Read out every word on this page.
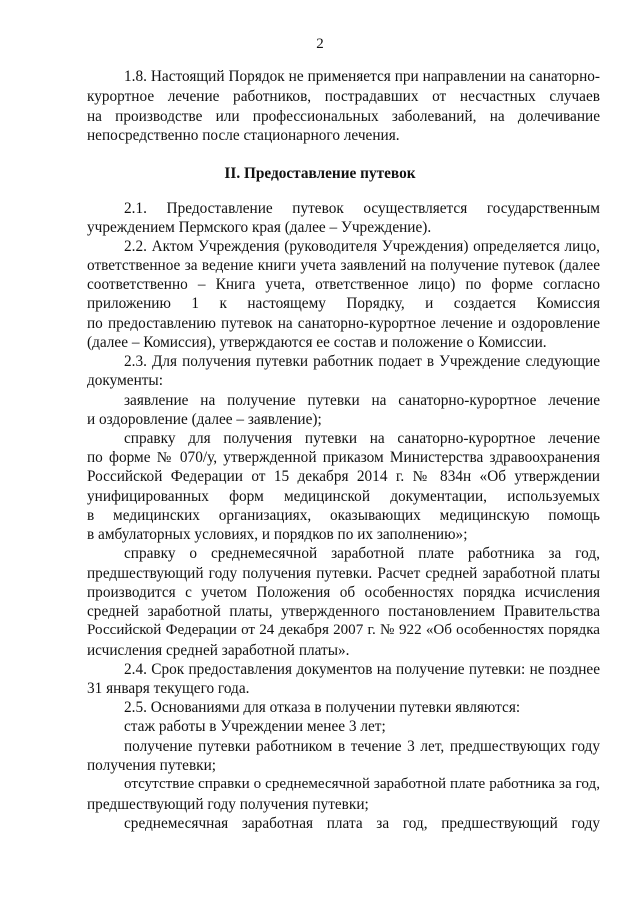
2
1.8. Настоящий Порядок не применяется при направлении на санаторно-
курортное лечение работников, пострадавших от несчастных случаев
на производстве или профессиональных заболеваний, на долечивание
непосредственно после стационарного лечения.
II. Предоставление путевок
2.1. Предоставление путевок осуществляется государственным
учреждением Пермского края (далее – Учреждение).
2.2. Актом Учреждения (руководителя Учреждения) определяется лицо,
ответственное за ведение книги учета заявлений на получение путевок (далее
соответственно – Книга учета, ответственное лицо) по форме согласно
приложению 1 к настоящему Порядку, и создается Комиссия
по предоставлению путевок на санаторно-курортное лечение и оздоровление
(далее – Комиссия), утверждаются ее состав и положение о Комиссии.
2.3. Для получения путевки работник подает в Учреждение следующие
документы:
заявление на получение путевки на санаторно-курортное лечение
и оздоровление (далее – заявление);
справку для получения путевки на санаторно-курортное лечение
по форме № 070/у, утвержденной приказом Министерства здравоохранения
Российской Федерации от 15 декабря 2014 г. № 834н «Об утверждении
унифицированных форм медицинской документации, используемых
в медицинских организациях, оказывающих медицинскую помощь
в амбулаторных условиях, и порядков по их заполнению»;
справку о среднемесячной заработной плате работника за год,
предшествующий году получения путевки. Расчет средней заработной платы
производится с учетом Положения об особенностях порядка исчисления
средней заработной платы, утвержденного постановлением Правительства
Российской Федерации от 24 декабря 2007 г. № 922 «Об особенностях порядка
исчисления средней заработной платы».
2.4. Срок предоставления документов на получение путевки: не позднее
31 января текущего года.
2.5. Основаниями для отказа в получении путевки являются:
стаж работы в Учреждении менее 3 лет;
получение путевки работником в течение 3 лет, предшествующих году
получения путевки;
отсутствие справки о среднемесячной заработной плате работника за год,
предшествующий году получения путевки;
среднемесячная заработная плата за год, предшествующий году
